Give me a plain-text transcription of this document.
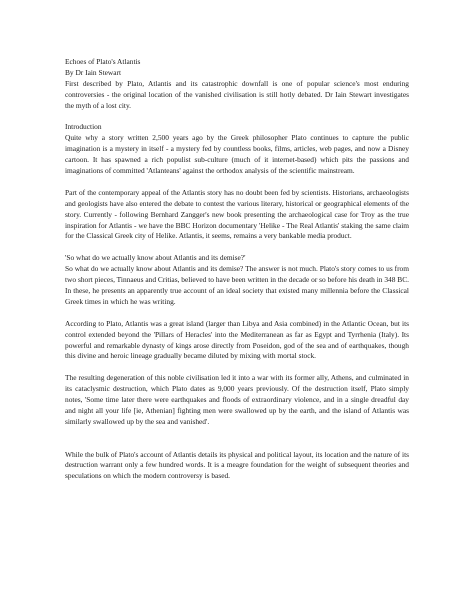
Echoes of Plato's Atlantis
By Dr Iain Stewart

First described by Plato, Atlantis and its catastrophic downfall is one of popular science's most enduring controversies - the original location of the vanished civilisation is still hotly debated. Dr Iain Stewart investigates the myth of a lost city.

Introduction

Quite why a story written 2,500 years ago by the Greek philosopher Plato continues to capture the public imagination is a mystery in itself - a mystery fed by countless books, films, articles, web pages, and now a Disney cartoon. It has spawned a rich populist sub-culture (much of it internet-based) which pits the passions and imaginations of committed 'Atlanteans' against the orthodox analysis of the scientific mainstream.

Part of the contemporary appeal of the Atlantis story has no doubt been fed by scientists. Historians, archaeologists and geologists have also entered the debate to contest the various literary, historical or geographical elements of the story. Currently - following Bernhard Zangger's new book presenting the archaeological case for Troy as the true inspiration for Atlantis - we have the BBC Horizon documentary 'Helike - The Real Atlantis' staking the same claim for the Classical Greek city of Helike. Atlantis, it seems, remains a very bankable media product.

'So what do we actually know about Atlantis and its demise?'

So what do we actually know about Atlantis and its demise? The answer is not much. Plato's story comes to us from two short pieces, Tinnaeus and Critias, believed to have been written in the decade or so before his death in 348 BC. In these, he presents an apparently true account of an ideal society that existed many millennia before the Classical Greek times in which he was writing.

According to Plato, Atlantis was a great island (larger than Libya and Asia combined) in the Atlantic Ocean, but its control extended beyond the 'Pillars of Heracles' into the Mediterranean as far as Egypt and Tyrrhenia (Italy). Its powerful and remarkable dynasty of kings arose directly from Poseidon, god of the sea and of earthquakes, though this divine and heroic lineage gradually became diluted by mixing with mortal stock.

The resulting degeneration of this noble civilisation led it into a war with its former ally, Athens, and culminated in its cataclysmic destruction, which Plato dates as 9,000 years previously. Of the destruction itself, Plato simply notes, 'Some time later there were earthquakes and floods of extraordinary violence, and in a single dreadful day and night all your life [ie, Athenian] fighting men were swallowed up by the earth, and the island of Atlantis was similarly swallowed up by the sea and vanished'.

While the bulk of Plato's account of Atlantis details its physical and political layout, its location and the nature of its destruction warrant only a few hundred words. It is a meagre foundation for the weight of subsequent theories and speculations on which the modern controversy is based.
